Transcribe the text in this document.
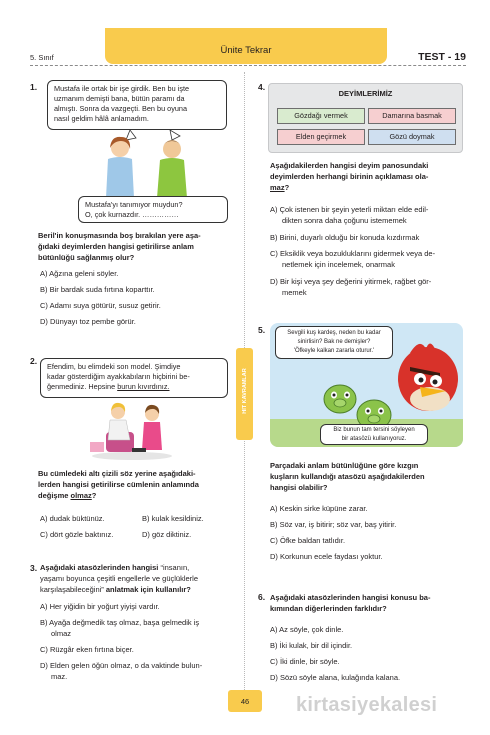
Ünite Tekrar
5. Sınıf	TEST - 19
HIT KAVRAMLAR
1. Mustafa ile ortak bir işe girdik. Ben bu işte
uzmanım demişti bana, bütün paramı da
almıştı. Sonra da vazgeçti. Ben bu oyuna
nasıl geldim hâlâ anlamadım.
Mustafa'yı tanımıyor muydun?
O, çok kurnazdır. ……………
Beril'in konuşmasında boş bırakılan yere aşa-
ğıdaki deyimlerden hangisi getirilirse anlam
bütünlüğü sağlanmış olur?
A) Ağzına geleni söyler.
B) Bir bardak suda fırtına koparttır.
C) Adamı suya götürür, susuz getirir.
D) Dünyayı toz pembe görür.
2.
Efendim, bu elimdeki son model. Şimdiye
kadar gösterdiğim ayakkabıların hiçbirini be-
ğenmediniz. Hepsine burun kıvırdınız.
Bu cümledeki altı çizili söz yerine aşağıdaki-
lerden hangisi getirilirse cümlenin anlamında
değişme olmaz?
A) dudak büktünüz.	B) kulak kesildiniz.
C) dört gözle baktınız.	D) göz diktiniz.
3. Aşağıdaki atasözlerinden hangisi “insanın,
yaşamı boyunca çeşitli engellerle ve güçlüklerle
karşılaşabileceğini” anlatmak için kullanılır?
A) Her yiğidin bir yoğurt yiyişi vardır.
B) Ayağa değmedik taş olmaz, başa gelmedik iş
olmaz
C) Rüzgâr eken fırtına biçer.
D) Elden gelen öğün olmaz, o da vaktinde bulun-
maz.
4.
DEYİMLERİMİZ
Gözdağı vermek	Damarına basmak
Elden geçirmek	Gözü doymak
Aşağıdakilerden hangisi deyim panosundaki
deyimlerden herhangi birinin açıklaması ola-
maz?
A) Çok istenen bir şeyin yeterli miktarı elde edil-
dikten sonra daha çoğunu istememek
B) Birini, duyarlı olduğu bir konuda kızdırmak
C) Eksiklik veya bozukluklarını gidermek veya de-
netlemek için incelemek, onarmak
D) Bir kişi veya şey değerini yitirmek, rağbet gör-
memek
5.	Sevgili kuş kardeş, neden bu kadar
sinirlisin? Bak ne demişler?
'Öfkeyle kalkan zararla oturur.'
Biz bunun tam tersini söyleyen
bir atasözü kullanıyoruz.
Parçadaki anlam bütünlüğüne göre kızgın
kuşların kullandığı atasözü aşağıdakilerden
hangisi olabilir?
A) Keskin sirke küpüne zarar.
B) Söz var, iş bitirir; söz var, baş yitirir.
C) Öfke baldan tatlıdır.
D) Korkunun ecele faydası yoktur.
6. Aşağıdaki atasözlerinden hangisi konusu ba-
kımından diğerlerinden farklıdır?
A) Az söyle, çok dinle.
B) İki kulak, bir dil içindir.
C) İki dinle, bir söyle.
D) Sözü söyle alana, kulağında kalana.
46	kirtasiyekalesi
